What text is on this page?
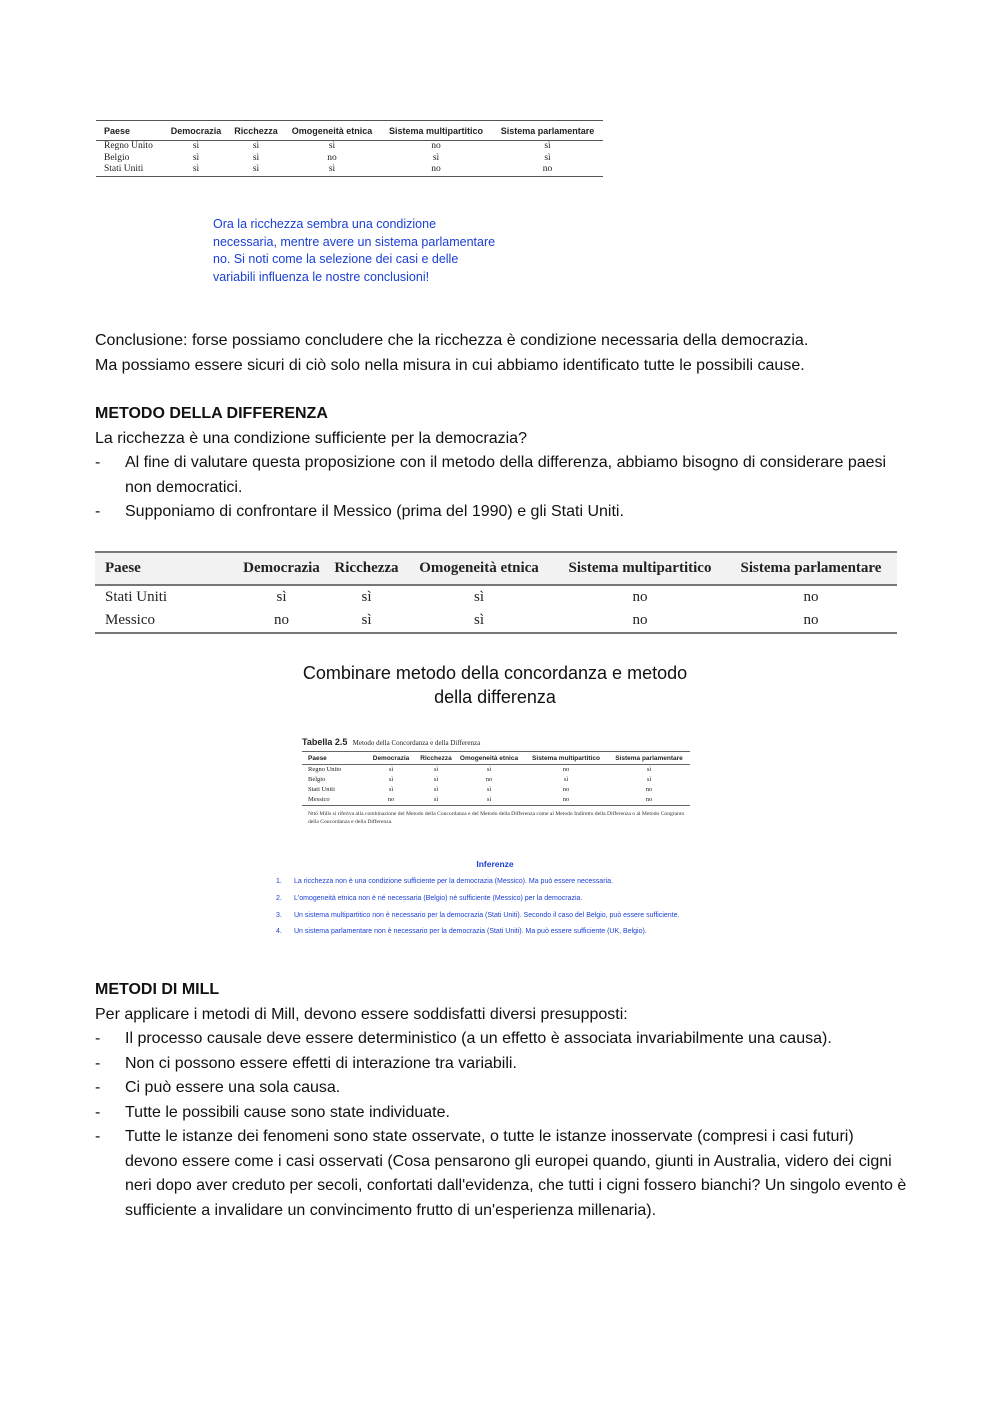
Paese	Democrazia	Ricchezza	Omogeneità etnica	Sistema multipartitico	Sistema parlamentare
Regno Unito	sì	sì	sì	no	sì
Belgio	sì	sì	no	sì	sì
Stati Uniti	sì	sì	sì	no	no
Ora la ricchezza sembra una condizione necessaria, mentre avere un sistema parlamentare no. Si noti come la selezione dei casi e delle variabili influenza le nostre conclusioni!
Conclusione: forse possiamo concludere che la ricchezza è condizione necessaria della democrazia.
Ma possiamo essere sicuri di ciò solo nella misura in cui abbiamo identificato tutte le possibili cause.
METODO DELLA DIFFERENZA
La ricchezza è una condizione sufficiente per la democrazia?
- Al fine di valutare questa proposizione con il metodo della differenza, abbiamo bisogno di considerare paesi non democratici.
- Supponiamo di confrontare il Messico (prima del 1990) e gli Stati Uniti.
Paese	Democrazia	Ricchezza	Omogeneità etnica	Sistema multipartitico	Sistema parlamentare
Stati Uniti	sì	sì	sì	no	no
Messico	no	sì	sì	no	no
Combinare metodo della concordanza e metodo
della differenza
Tabella 2.5 Metodo della Concordanza e della Differenza
Paese	Democrazia	Ricchezza	Omogeneità etnica	Sistema multipartitico	Sistema parlamentare
Regno Unito	sì	sì	sì	no	sì
Belgio	sì	sì	no	sì	sì
Stati Uniti	sì	sì	sì	no	no
Messico	no	sì	sì	no	no
Nttö Mills si riferiva alla combinazione del Metodo della Concordanza e del Metodo della Differenza come al Metodo Indiretto della Differenza o al Metodo Congiunto della Concordanza e della Differenza.
Inferenze
1. La ricchezza non è una condizione sufficiente per la democrazia (Messico). Ma può essere necessaria.
2. L'omogeneità etnica non è né necessaria (Belgio) né sufficiente (Messico) per la democrazia.
3. Un sistema multipartitico non è necessario per la democrazia (Stati Uniti). Secondo il caso del Belgio, può essere sufficiente.
4. Un sistema parlamentare non è necessario per la democrazia (Stati Uniti). Ma può essere sufficiente (UK, Belgio).
METODI DI MILL
Per applicare i metodi di Mill, devono essere soddisfatti diversi presupposti:
- Il processo causale deve essere deterministico (a un effetto è associata invariabilmente una causa).
- Non ci possono essere effetti di interazione tra variabili.
- Ci può essere una sola causa.
- Tutte le possibili cause sono state individuate.
- Tutte le istanze dei fenomeni sono state osservate, o tutte le istanze inosservate (compresi i casi futuri) devono essere come i casi osservati (Cosa pensarono gli europei quando, giunti in Australia, videro dei cigni neri dopo aver creduto per secoli, confortati dall'evidenza, che tutti i cigni fossero bianchi? Un singolo evento è sufficiente a invalidare un convincimento frutto di un'esperienza millenaria).
